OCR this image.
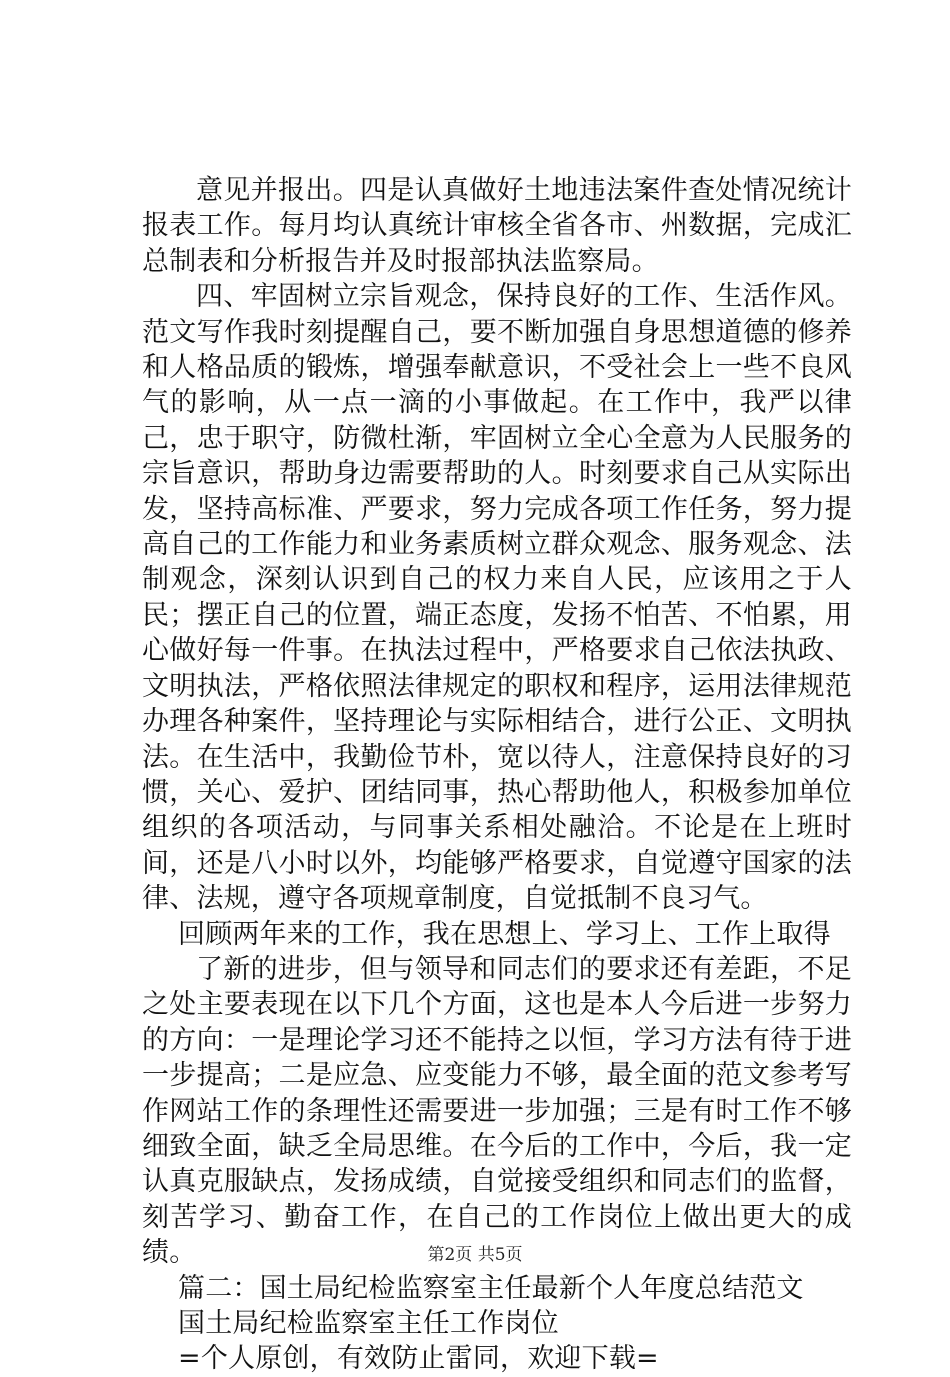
意见并报出。四是认真做好土地违法案件查处情况统计报表工作。每月均认真统计审核全省各市、州数据，完成汇总制表和分析报告并及时报部执法监察局。

四、牢固树立宗旨观念，保持良好的工作、生活作风。范文写作我时刻提醒自己，要不断加强自身思想道德的修养和人格品质的锻炼，增强奉献意识，不受社会上一些不良风气的影响，从一点一滴的小事做起。在工作中，我严以律己，忠于职守，防微杜渐，牢固树立全心全意为人民服务的宗旨意识，帮助身边需要帮助的人。时刻要求自己从实际出发，坚持高标准、严要求，努力完成各项工作任务，努力提高自己的工作能力和业务素质树立群众观念、服务观念、法制观念，深刻认识到自己的权力来自人民，应该用之于人民；摆正自己的位置，端正态度，发扬不怕苦、不怕累，用心做好每一件事。在执法过程中，严格要求自己依法执政、文明执法，严格依照法律规定的职权和程序，运用法律规范办理各种案件，坚持理论与实际相结合，进行公正、文明执法。在生活中，我勤俭节朴，宽以待人，注意保持良好的习惯，关心、爱护、团结同事，热心帮助他人，积极参加单位组织的各项活动，与同事关系相处融洽。不论是在上班时间，还是八小时以外，均能够严格要求，自觉遵守国家的法律、法规，遵守各项规章制度，自觉抵制不良习气。

回顾两年来的工作，我在思想上、学习上、工作上取得

了新的进步，但与领导和同志们的要求还有差距，不足之处主要表现在以下几个方面，这也是本人今后进一步努力的方向：一是理论学习还不能持之以恒，学习方法有待于进一步提高；二是应急、应变能力不够，最全面的范文参考写作网站工作的条理性还需要进一步加强；三是有时工作不够细致全面，缺乏全局思维。在今后的工作中，今后，我一定认真克服缺点，发扬成绩，自觉接受组织和同志们的监督，刻苦学习、勤奋工作，在自己的工作岗位上做出更大的成绩。

篇二：国土局纪检监察室主任最新个人年度总结范文

国土局纪检监察室主任工作岗位

=个人原创，有效防止雷同，欢迎下载=

第2页 共5页
